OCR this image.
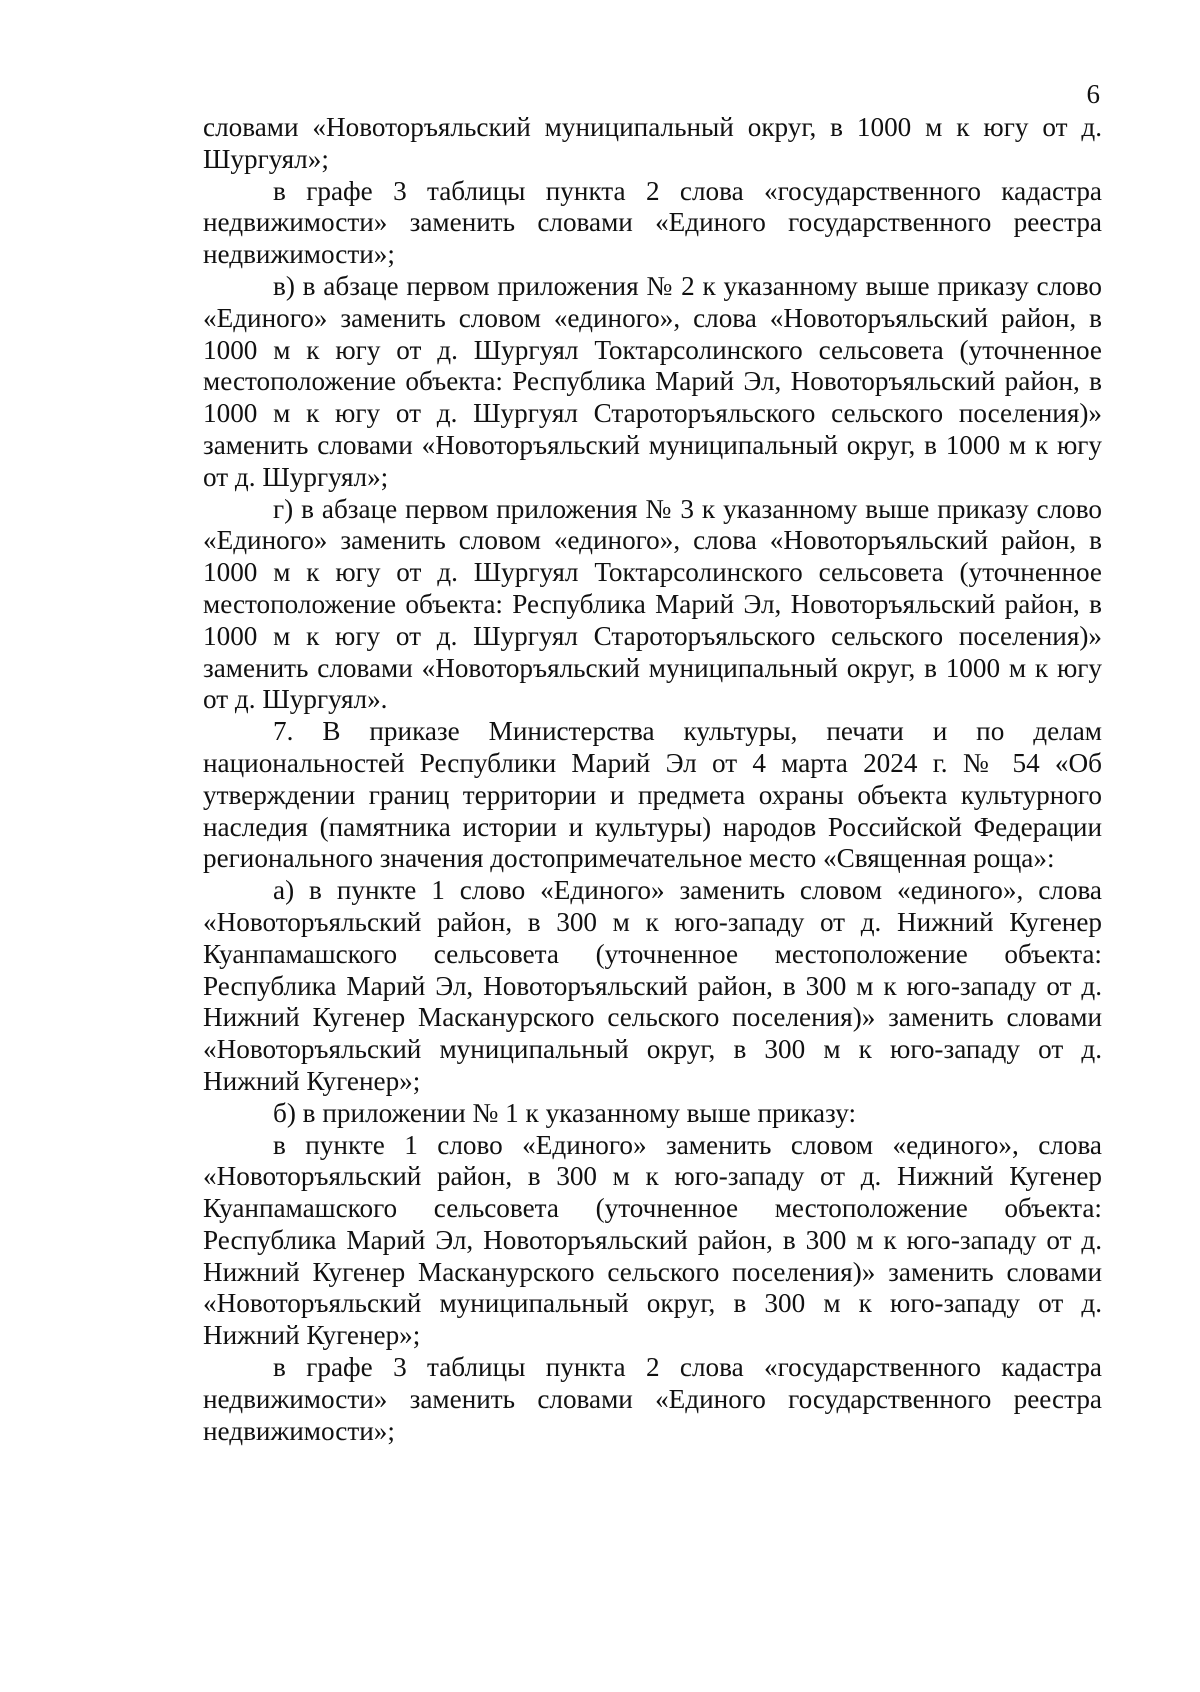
6

словами «Новоторъяльский муниципальный округ, в 1000 м к югу от д. Шургуял»;

в графе 3 таблицы пункта 2 слова «государственного кадастра недвижимости» заменить словами «Единого государственного реестра недвижимости»;

в) в абзаце первом приложения № 2 к указанному выше приказу слово «Единого» заменить словом «единого», слова «Новоторъяльский район, в 1000 м к югу от д. Шургуял Токтарсолинского сельсовета (уточненное местоположение объекта: Республика Марий Эл, Новоторъяльский район, в 1000 м к югу от д. Шургуял Староторъяльского сельского поселения)» заменить словами «Новоторъяльский муниципальный округ, в 1000 м к югу от д. Шургуял»;

г) в абзаце первом приложения № 3 к указанному выше приказу слово «Единого» заменить словом «единого», слова «Новоторъяльский район, в 1000 м к югу от д. Шургуял Токтарсолинского сельсовета (уточненное местоположение объекта: Республика Марий Эл, Новоторъяльский район, в 1000 м к югу от д. Шургуял Староторъяльского сельского поселения)» заменить словами «Новоторъяльский муниципальный округ, в 1000 м к югу от д. Шургуял».

7. В приказе Министерства культуры, печати и по делам национальностей Республики Марий Эл от 4 марта 2024 г. № 54 «Об утверждении границ территории и предмета охраны объекта культурного наследия (памятника истории и культуры) народов Российской Федерации регионального значения достопримечательное место «Священная роща»:

а) в пункте 1 слово «Единого» заменить словом «единого», слова «Новоторъяльский район, в 300 м к юго-западу от д. Нижний Кугенер Куанпамашского сельсовета (уточненное местоположение объекта: Республика Марий Эл, Новоторъяльский район, в 300 м к юго-западу от д. Нижний Кугенер Масканурского сельского поселения)» заменить словами «Новоторъяльский муниципальный округ, в 300 м к юго-западу от д. Нижний Кугенер»;

б) в приложении № 1 к указанному выше приказу:

в пункте 1 слово «Единого» заменить словом «единого», слова «Новоторъяльский район, в 300 м к юго-западу от д. Нижний Кугенер Куанпамашского сельсовета (уточненное местоположение объекта: Республика Марий Эл, Новоторъяльский район, в 300 м к юго-западу от д. Нижний Кугенер Масканурского сельского поселения)» заменить словами «Новоторъяльский муниципальный округ, в 300 м к юго-западу от д. Нижний Кугенер»;

в графе 3 таблицы пункта 2 слова «государственного кадастра недвижимости» заменить словами «Единого государственного реестра недвижимости»;
